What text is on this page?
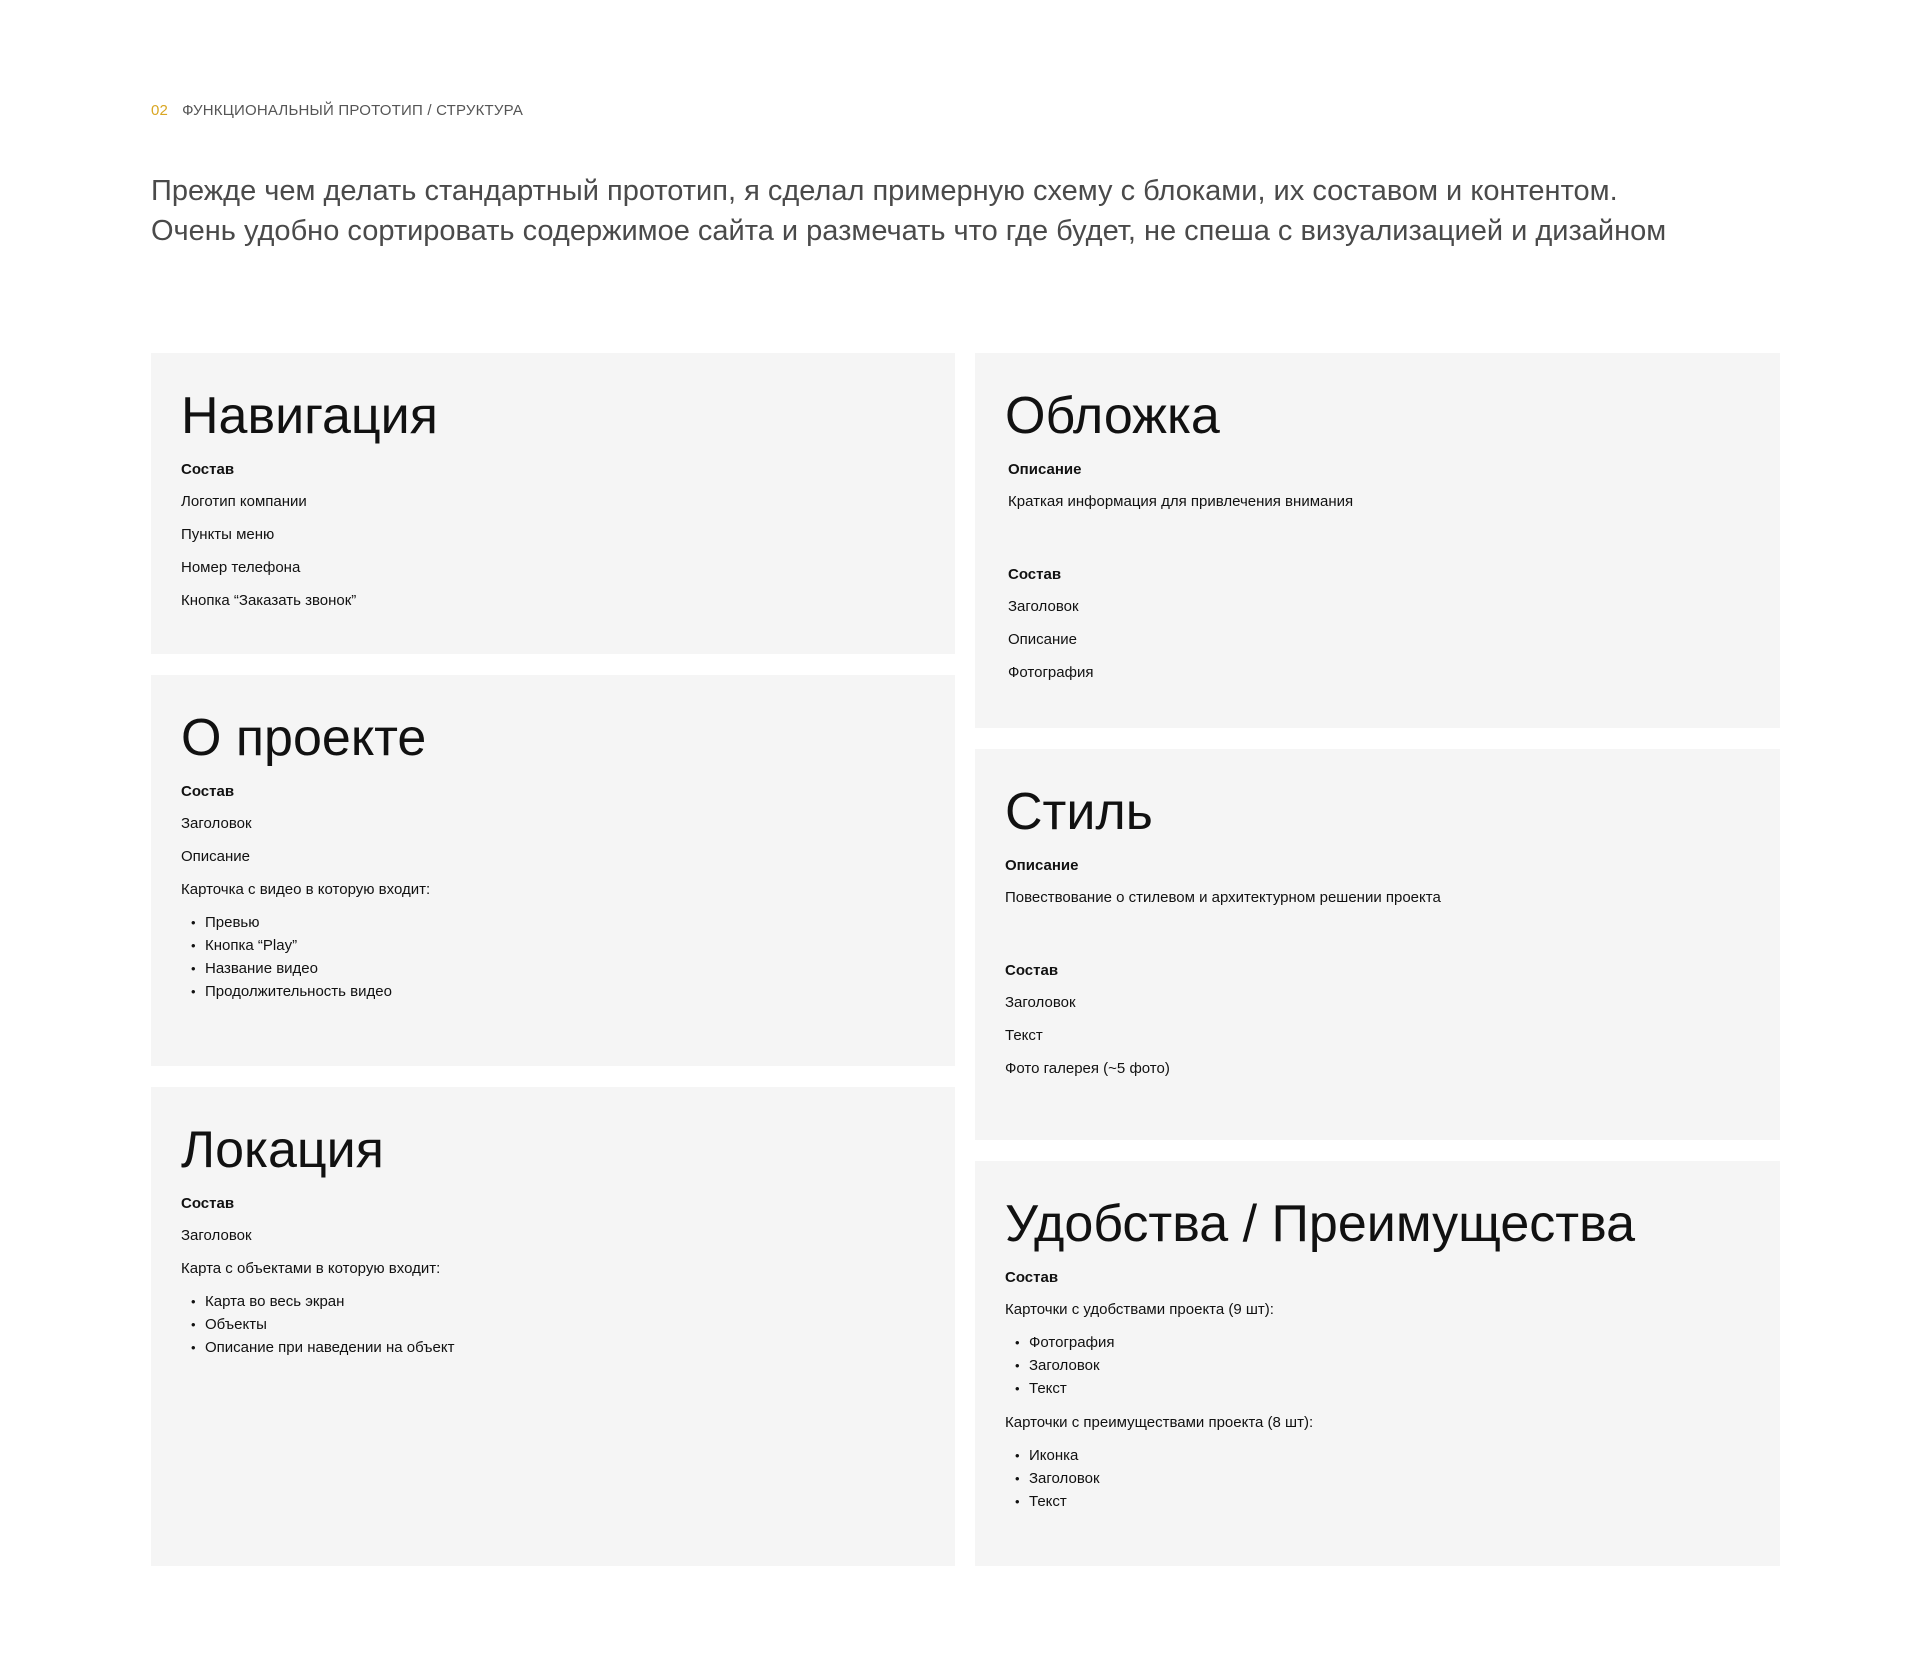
02 ФУНКЦИОНАЛЬНЫЙ ПРОТОТИП / СТРУКТУРА

Прежде чем делать стандартный прототип, я сделал примерную схему с блоками, их составом и контентом.

Очень удобно сортировать содержимое сайта и размечать что где будет, не спеша с визуализацией и дизайном

Навигация
Состав
Логотип компании
Пункты меню
Номер телефона
Кнопка “Заказать звонок”
О проекте
Состав
Заголовок
Описание
Карточка с видео в которую входит:
• Превью
• Кнопка “Play”
• Название видео
• Продолжительность видео
Локация
Состав
Заголовок
Карта с объектами в которую входит:
• Карта во весь экран
• Объекты
• Описание при наведении на объект
Обложка
Описание
Краткая информация для привлечения внимания
Состав
Заголовок
Описание
Фотография
Стиль
Описание
Повествование о стилевом и архитектурном решении проекта
Состав
Заголовок
Текст
Фото галерея (~5 фото)
Удобства / Преимущества
Состав
Карточки с удобствами проекта (9 шт):
• Фотография
• Заголовок
• Текст
Карточки с преимуществами проекта (8 шт):
• Иконка
• Заголовок
• Текст
